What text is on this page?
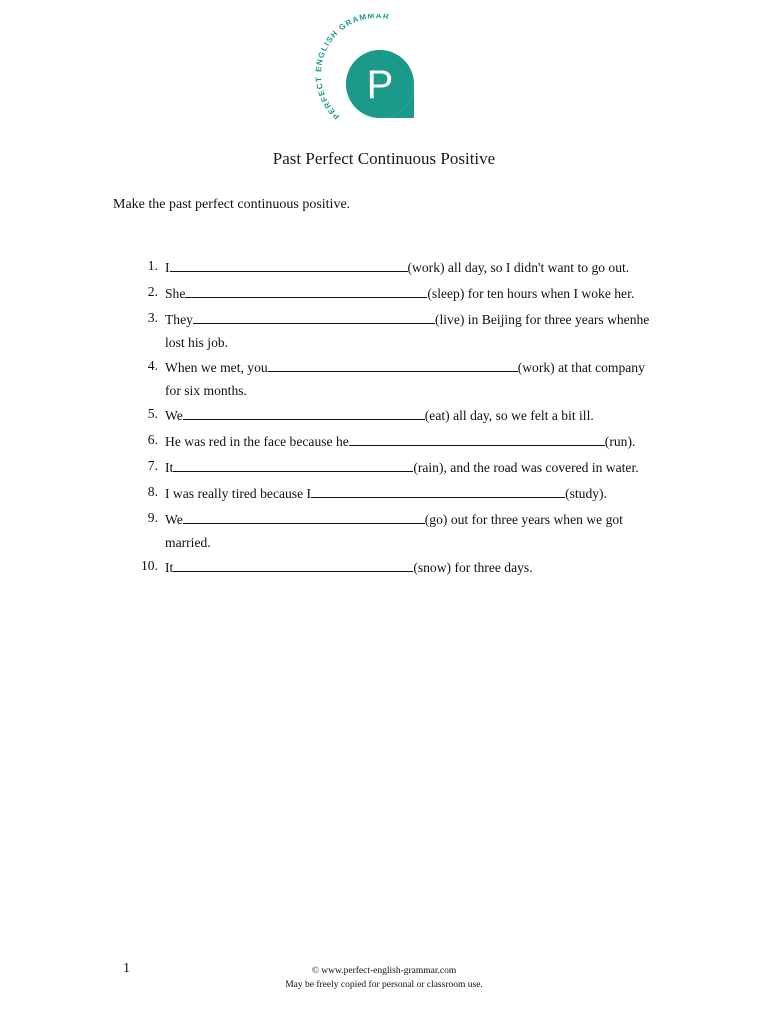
PERFECT ENGLISH GRAMMAR
P
Past Perfect Continuous Positive
Make the past perfect continuous positive.
1. I	(work) all day, so I didn't want to go out.
2. She	(sleep) for ten hours when I woke her.
3. They	(live) in Beijing for three years whenhe
lost his job.
4. When we met, you	(work) at that company
for six months.
5. We	(eat) all day, so we felt a bit ill.
6. He was red in the face because he	(run).
7. It	(rain), and the road was covered in water.
8. I was really tired because I	(study).
9. We	(go) out for three years when we got
married.
10. It	(snow) for three days.
1	© www.perfect-english-grammar.com
May be freely copied for personal or classroom use.
